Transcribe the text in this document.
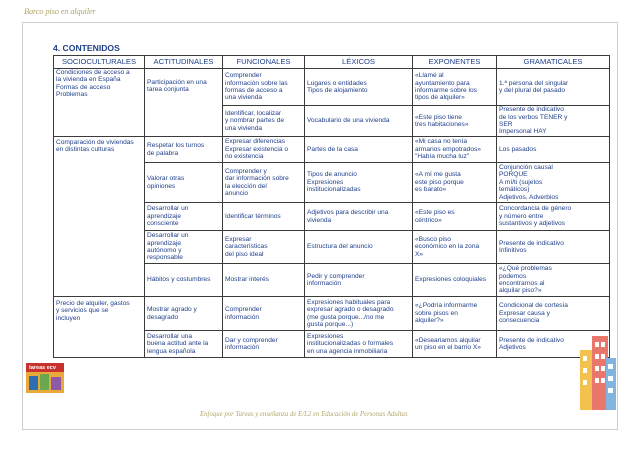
Barco piso en alquiler
4. CONTENIDOS
SOCIOCULTURALES	ACTITUDINALES	FUNCIONALES	LÉXICOS	EXPONENTES	GRAMATICALES	
Condiciones de acceso a
la vivienda en España
Formas de acceso
Problemas	Participación en una
tarea conjunta	Comprender
información sobre las
formas de acceso a
una vivienda	Lugares o entidades
Tipos de alojamiento	«Llamé al
ayuntamiento para
informarme sobre los
tipos de alquiler»	1.ª persona del singular
y del plural del pasado	
		Identificar, localizar
y nombrar partes de
una vivienda	Vocabulario de una vivienda	«Este piso tiene
tres habitaciones»	Presente de indicativo
de los verbos TENER y
SER
Impersonal HAY	
Comparación de viviendas
en distintas culturas	Respetar los turnos
de palabra	Expresar diferencias
Expresar existencia o
no existencia	Partes de la casa	«Mi casa no tenía
armarios empotrados»
"Había mucha luz"	Los pasados	
	Valorar otras
opiniones	Comprender y
dar información sobre
la elección del
anuncio	Tipos de anuncio
Expresiones
institucionalizadas	«A mí me gusta
este piso porque
es barato»	Conjunción causal
PORQUE
A mí/ti (sujetos
temáticos)
Adjetivos. Adverbios	
	Desarrollar un
aprendizaje
consciente	Identificar términos	Adjetivos para describir una
vivienda	«Este piso es
céntrico»	Concordancia de género
y número entre
sustantivos y adjetivos	
	Desarrollar un
aprendizaje
autónomo y
responsable	Expresar
características
del piso ideal	Estructura del anuncio	«Busco piso
económico en la zona
X»	Presente de indicativo
Infinitivos	
	Hábitos y costumbres	Mostrar interés	Pedir y comprender
información	Expresiones coloquiales	«¿Qué problemas
podemos
encontrarnos al
alquilar piso?»	
Precio de alquiler, gastos
y servicios que se
incluyen	Mostrar agrado y
desagrado	Comprender
información	Expresiones habituales para
expresar agrado o desagrado
(me gusta porque.../no me
gusta porque...)	«¿Podría informarme
sobre pisos en
alquiler?»	Condicional de cortesía
Expresar causa y
consecuencia	
	Desarrollar una
buena actitud ante la
lengua española	Dar y comprender
información	Expresiones
institucionalizadas o formales
en una agencia inmobiliaria	«Deseariamos alquilar
un piso en el barrio X»	Presente de indicativo
Adjetivos	
tareas ecv
Enfoque por Tareas y enseñanza de E/L2 en Educación de Personas Adultas
